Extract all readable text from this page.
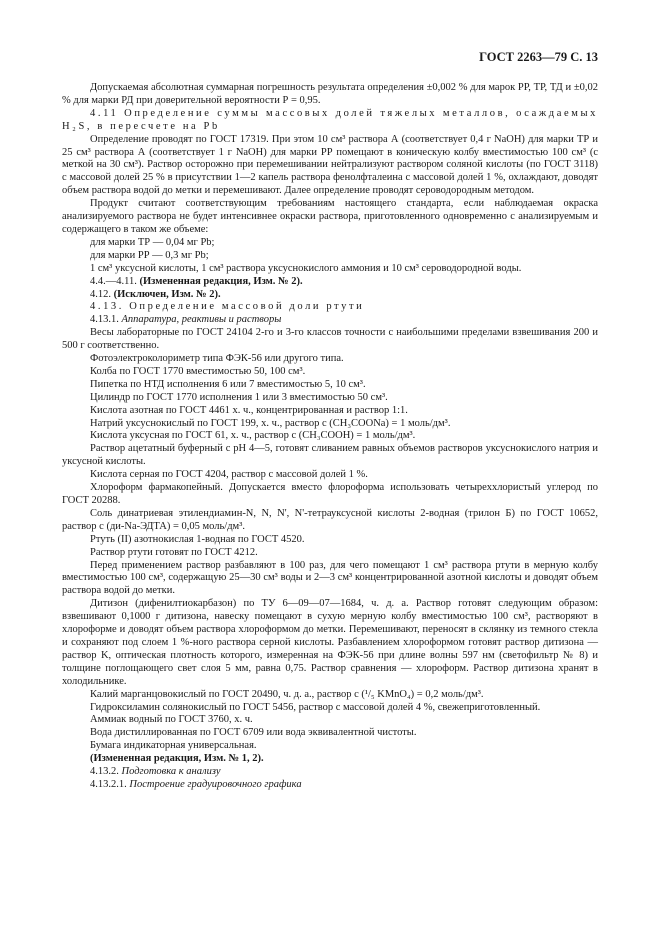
ГОСТ 2263—79 С. 13

Допускаемая абсолютная суммарная погрешность результата определения ±0,002 % для марок РР, ТР, ТД и ±0,02 % для марки РД при доверительной вероятности Р = 0,95.

4.11 Определение суммы массовых долей тяжелых металлов, осаждаемых H₂S, в пересчете на Pb

Определение проводят по ГОСТ 17319. При этом 10 см³ раствора А (соответствует 0,4 г NaOH) для марки ТР и 25 см³ раствора А (соответствует 1 г NaOH) для марки РР помещают в коническую колбу вместимостью 100 см³ (с меткой на 30 см³). Раствор осторожно при перемешивании нейтрализуют раствором соляной кислоты (по ГОСТ 3118) с массовой долей 25 % в присутствии 1—2 капель раствора фенолфталеина с массовой долей 1 %, охлаждают, доводят объем раствора водой до метки и перемешивают. Далее определение проводят сероводородным методом.

Продукт считают соответствующим требованиям настоящего стандарта, если наблюдаемая окраска анализируемого раствора не будет интенсивнее окраски раствора, приготовленного одновременно с анализируемым и содержащего в таком же объеме:

для марки ТР — 0,04 мг Pb;

для марки РР — 0,3 мг Pb;

1 см³ уксусной кислоты, 1 см³ раствора уксуснокислого аммония и 10 см³ сероводородной воды.

4.4.—4.11. (Измененная редакция, Изм. № 2).

4.12. (Исключен, Изм. № 2).

4.13. Определение массовой доли ртути

4.13.1. Аппаратура, реактивы и растворы

Весы лабораторные по ГОСТ 24104 2-го и 3-го классов точности с наибольшими пределами взвешивания 200 и 500 г соответственно.

Фотоэлектроколориметр типа ФЭК-56 или другого типа.

Колба по ГОСТ 1770 вместимостью 50, 100 см³.

Пипетка по НТД исполнения 6 или 7 вместимостью 5, 10 см³.

Цилиндр по ГОСТ 1770 исполнения 1 или 3 вместимостью 50 см³.

Кислота азотная по ГОСТ 4461 х. ч., концентрированная и раствор 1:1.

Натрий уксуснокислый по ГОСТ 199, х. ч., раствор с (CH₃COONa) = 1 моль/дм³.

Кислота уксусная по ГОСТ 61, х. ч., раствор с (CH₃COOH) = 1 моль/дм³.

Раствор ацетатный буферный с рН 4—5, готовят сливанием равных объемов растворов уксуснокислого натрия и уксусной кислоты.

Кислота серная по ГОСТ 4204, раствор с массовой долей 1 %.

Хлороформ фармакопейный. Допускается вместо флороформа использовать четыреххлористый углерод по ГОСТ 20288.

Соль динатриевая этилендиамин-N, N, N', N'-тетрауксусной кислоты 2-водная (трилон Б) по ГОСТ 10652, раствор с (ди-Na-ЭДТА) = 0,05 моль/дм³.

Ртуть (II) азотнокислая 1-водная по ГОСТ 4520.

Раствор ртути готовят по ГОСТ 4212.

Перед применением раствор разбавляют в 100 раз, для чего помещают 1 см³ раствора ртути в мерную колбу вместимостью 100 см³, содержащую 25—30 см³ воды и 2—3 см³ концентрированной азотной кислоты и доводят объем раствора водой до метки.

Дитизон (дифенилтиокарбазон) по ТУ 6—09—07—1684, ч. д. а. Раствор готовят следующим образом: взвешивают 0,1000 г дитизона, навеску помещают в сухую мерную колбу вместимостью 100 см³, растворяют в хлороформе и доводят объем раствора хлороформом до метки. Перемешивают, переносят в склянку из темного стекла и сохраняют под слоем 1 %-ного раствора серной кислоты. Разбавлением хлороформом готовят раствор дитизона — раствор K, оптическая плотность которого, измеренная на ФЭК-56 при длине волны 597 нм (светофильтр № 8) и толщине поглощающего свет слоя 5 мм, равна 0,75. Раствор сравнения — хлороформ. Раствор дитизона хранят в холодильнике.

Калий марганцовокислый по ГОСТ 20490, ч. д. а., раствор с (¹/₅ KMnO₄) = 0,2 моль/дм³.

Гидроксиламин солянокислый по ГОСТ 5456, раствор с массовой долей 4 %, свежеприготовленный.

Аммиак водный по ГОСТ 3760, х. ч.

Вода дистиллированная по ГОСТ 6709 или вода эквивалентной чистоты.

Бумага индикаторная универсальная.

(Измененная редакция, Изм. № 1, 2).

4.13.2. Подготовка к анализу

4.13.2.1. Построение градуировочного графика
